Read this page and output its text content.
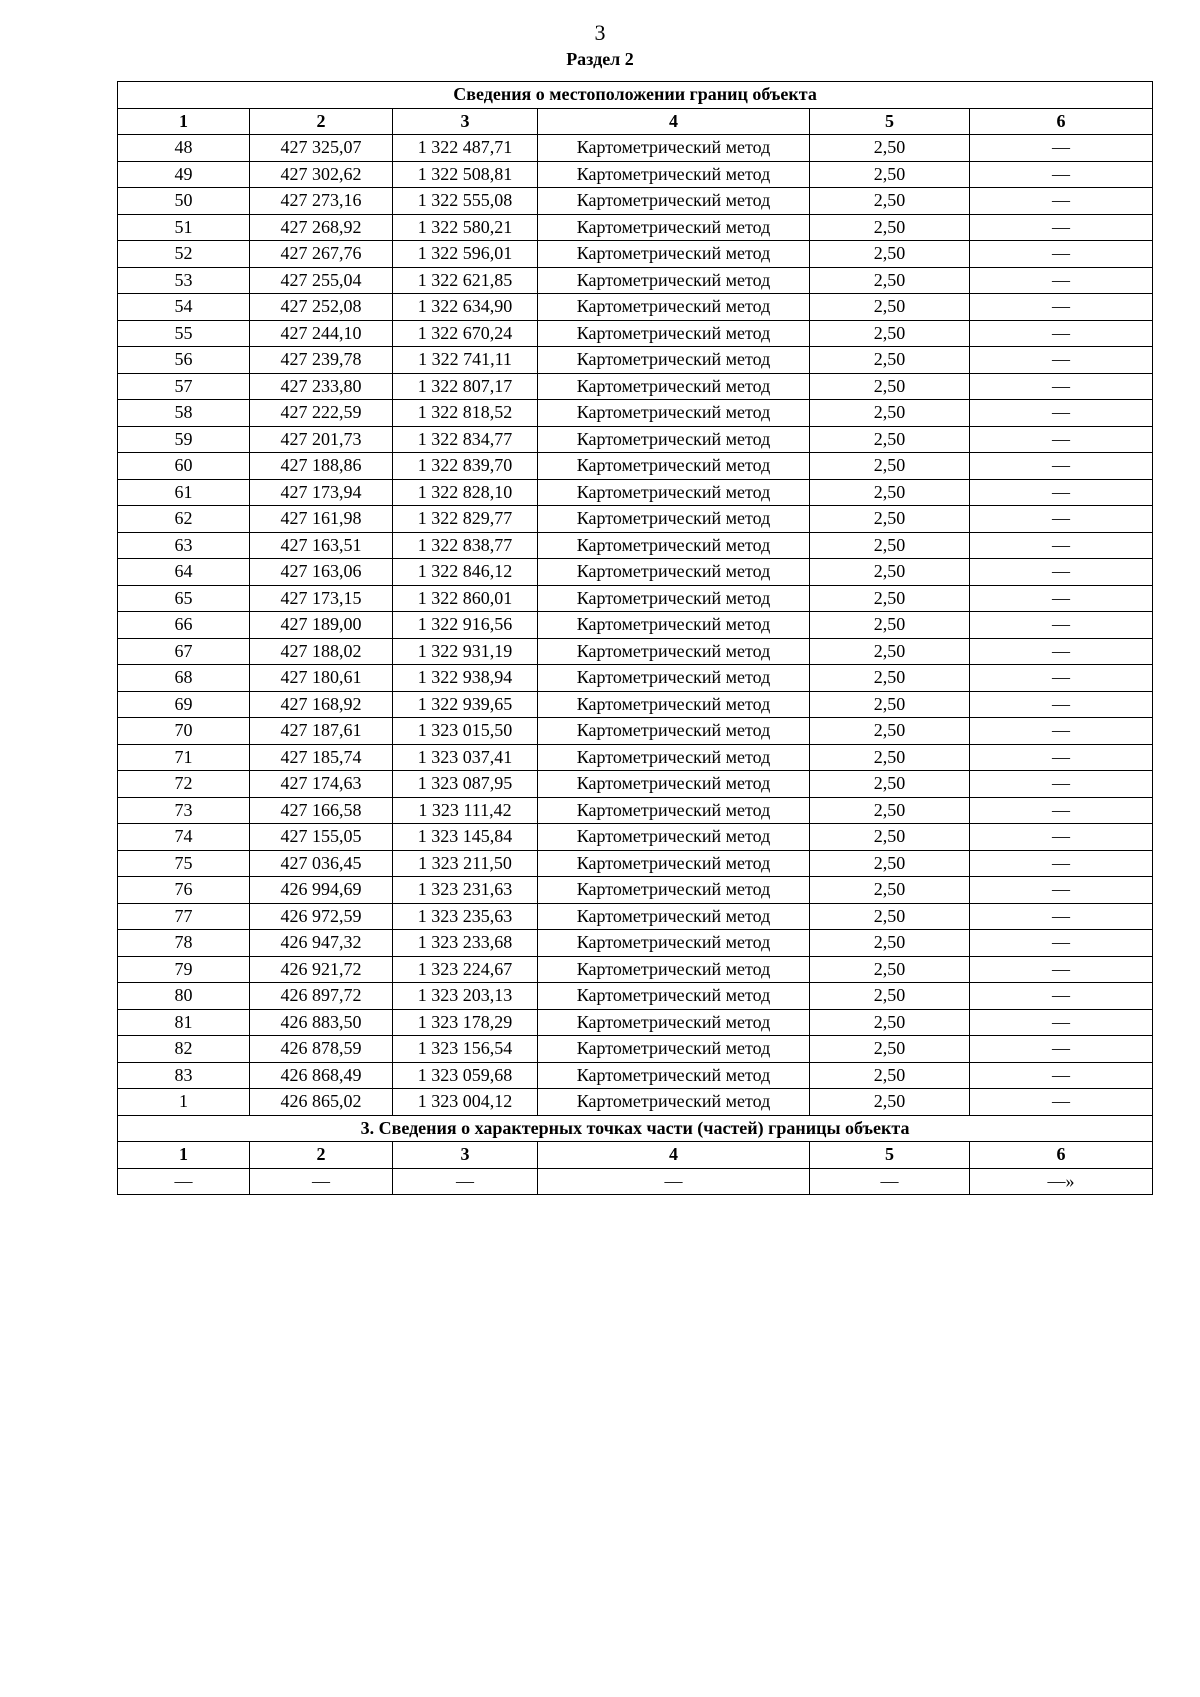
3
Раздел 2
Сведения о местоположении границ объекта					
1	2	3	4	5	6
48	427 325,07	1 322 487,71	Картометрический метод	2,50	—
49	427 302,62	1 322 508,81	Картометрический метод	2,50	—
50	427 273,16	1 322 555,08	Картометрический метод	2,50	—
51	427 268,92	1 322 580,21	Картометрический метод	2,50	—
52	427 267,76	1 322 596,01	Картометрический метод	2,50	—
53	427 255,04	1 322 621,85	Картометрический метод	2,50	—
54	427 252,08	1 322 634,90	Картометрический метод	2,50	—
55	427 244,10	1 322 670,24	Картометрический метод	2,50	—
56	427 239,78	1 322 741,11	Картометрический метод	2,50	—
57	427 233,80	1 322 807,17	Картометрический метод	2,50	—
58	427 222,59	1 322 818,52	Картометрический метод	2,50	—
59	427 201,73	1 322 834,77	Картометрический метод	2,50	—
60	427 188,86	1 322 839,70	Картометрический метод	2,50	—
61	427 173,94	1 322 828,10	Картометрический метод	2,50	—
62	427 161,98	1 322 829,77	Картометрический метод	2,50	—
63	427 163,51	1 322 838,77	Картометрический метод	2,50	—
64	427 163,06	1 322 846,12	Картометрический метод	2,50	—
65	427 173,15	1 322 860,01	Картометрический метод	2,50	—
66	427 189,00	1 322 916,56	Картометрический метод	2,50	—
67	427 188,02	1 322 931,19	Картометрический метод	2,50	—
68	427 180,61	1 322 938,94	Картометрический метод	2,50	—
69	427 168,92	1 322 939,65	Картометрический метод	2,50	—
70	427 187,61	1 323 015,50	Картометрический метод	2,50	—
71	427 185,74	1 323 037,41	Картометрический метод	2,50	—
72	427 174,63	1 323 087,95	Картометрический метод	2,50	—
73	427 166,58	1 323 111,42	Картометрический метод	2,50	—
74	427 155,05	1 323 145,84	Картометрический метод	2,50	—
75	427 036,45	1 323 211,50	Картометрический метод	2,50	—
76	426 994,69	1 323 231,63	Картометрический метод	2,50	—
77	426 972,59	1 323 235,63	Картометрический метод	2,50	—
78	426 947,32	1 323 233,68	Картометрический метод	2,50	—
79	426 921,72	1 323 224,67	Картометрический метод	2,50	—
80	426 897,72	1 323 203,13	Картометрический метод	2,50	—
81	426 883,50	1 323 178,29	Картометрический метод	2,50	—
82	426 878,59	1 323 156,54	Картометрический метод	2,50	—
83	426 868,49	1 323 059,68	Картометрический метод	2,50	—
1	426 865,02	1 323 004,12	Картометрический метод	2,50	—
3. Сведения о характерных точках части (частей) границы объекта					
1	2	3	4	5	6
—	—	—	—	—	—»
